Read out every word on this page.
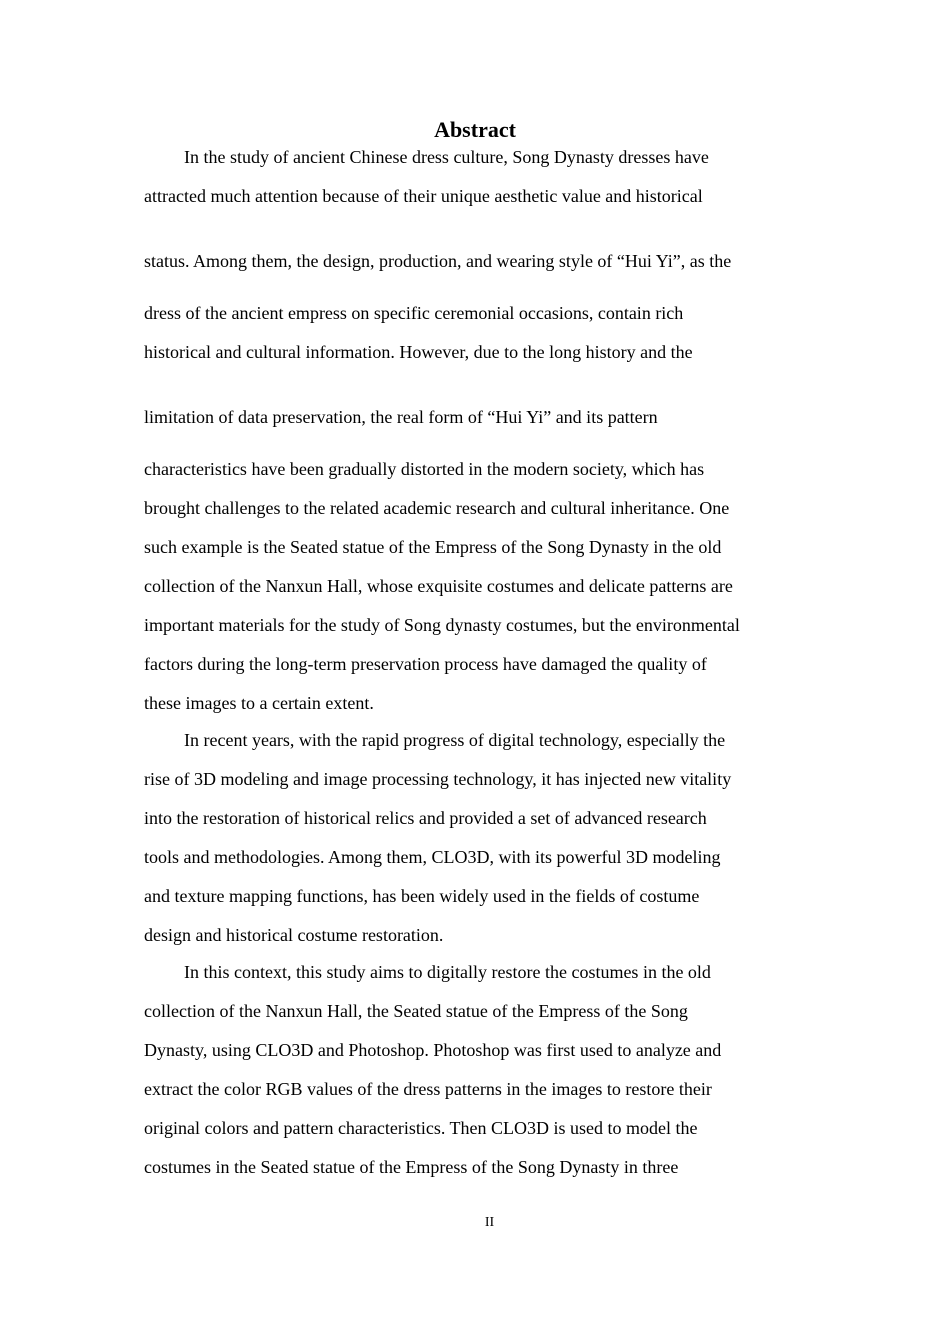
Abstract
In the study of ancient Chinese dress culture, Song Dynasty dresses have
attracted much attention because of their unique aesthetic value and historical
status. Among them, the design, production, and wearing style of “Hui Yi”, as the
dress of the ancient empress on specific ceremonial occasions, contain rich
historical and cultural information. However, due to the long history and the
limitation of data preservation, the real form of “Hui Yi” and its pattern
characteristics have been gradually distorted in the modern society, which has
brought challenges to the related academic research and cultural inheritance. One
such example is the Seated statue of the Empress of the Song Dynasty in the old
collection of the Nanxun Hall, whose exquisite costumes and delicate patterns are
important materials for the study of Song dynasty costumes, but the environmental
factors during the long-term preservation process have damaged the quality of
these images to a certain extent.
In recent years, with the rapid progress of digital technology, especially the
rise of 3D modeling and image processing technology, it has injected new vitality
into the restoration of historical relics and provided a set of advanced research
tools and methodologies. Among them, CLO3D, with its powerful 3D modeling
and texture mapping functions, has been widely used in the fields of costume
design and historical costume restoration.
In this context, this study aims to digitally restore the costumes in the old
collection of the Nanxun Hall, the Seated statue of the Empress of the Song
Dynasty, using CLO3D and Photoshop. Photoshop was first used to analyze and
extract the color RGB values of the dress patterns in the images to restore their
original colors and pattern characteristics. Then CLO3D is used to model the
costumes in the Seated statue of the Empress of the Song Dynasty in three
II
